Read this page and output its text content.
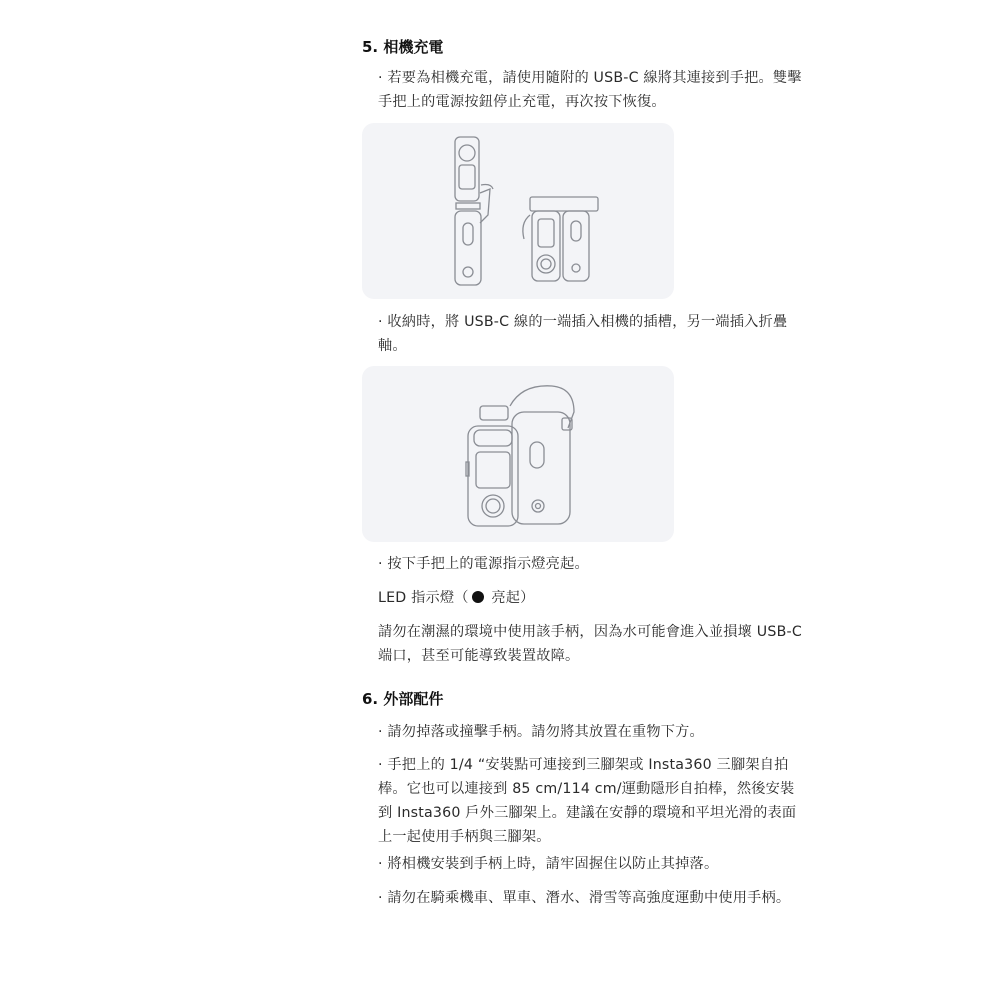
5. 相機充電
· 若要為相機充電，請使用隨附的 USB-C 線將其連接到手把。雙擊手把上的電源按鈕停止充電，再次按下恢復。
· 收納時，將 USB-C 線的一端插入相機的插槽，另一端插入折疊軸。
· 按下手把上的電源指示燈亮起。
LED 指示燈（ 亮起）
請勿在潮濕的環境中使用該手柄，因為水可能會進入並損壞 USB-C 端口，甚至可能導致裝置故障。
6. 外部配件
· 請勿掉落或撞擊手柄。請勿將其放置在重物下方。
· 手把上的 1/4 “安裝點可連接到三腳架或 Insta360 三腳架自拍棒。它也可以連接到 85 cm/114 cm/運動隱形自拍棒，然後安裝到 Insta360 戶外三腳架上。建議在安靜的環境和平坦光滑的表面上一起使用手柄與三腳架。
· 將相機安裝到手柄上時，請牢固握住以防止其掉落。
· 請勿在騎乘機車、單車、潛水、滑雪等高強度運動中使用手柄。
